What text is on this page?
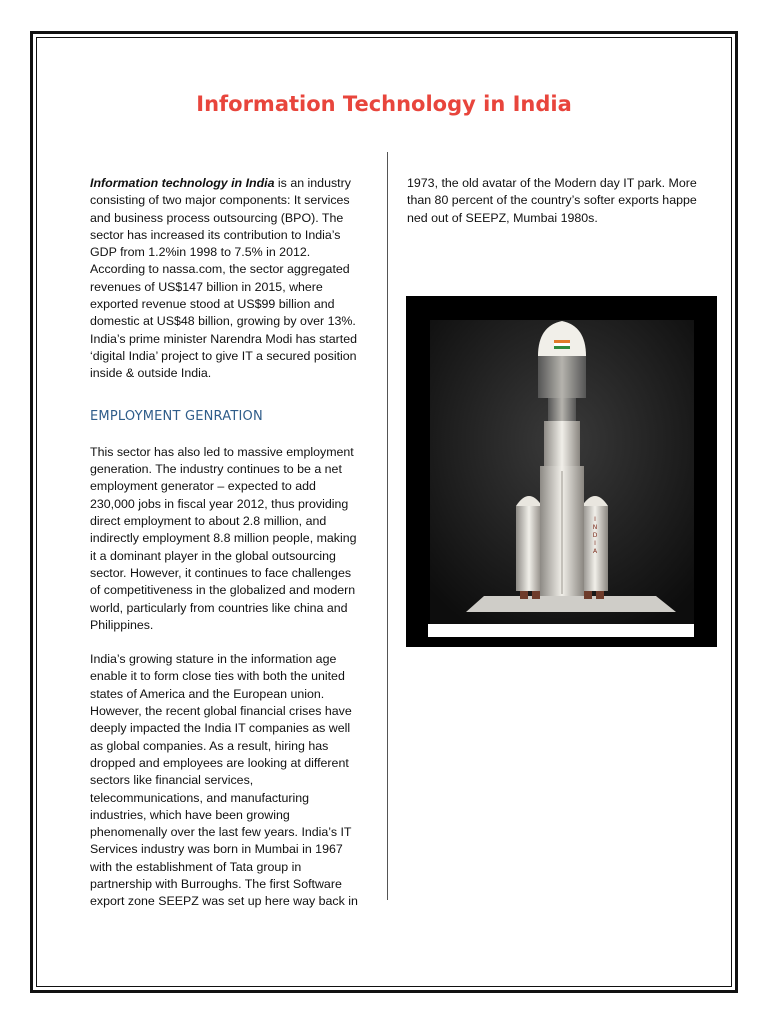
Information Technology in India

Information technology in India is an industry consisting of two major components: It services and business process outsourcing (BPO). The sector has increased its contribution to India’s GDP from 1.2%in 1998 to 7.5% in 2012. According to nassa.com, the sector aggregated revenues of US$147 billion in 2015, where exported revenue stood at US$99 billion and domestic at US$48 billion, growing by over 13%. India’s prime minister Narendra Modi has started ‘digital India’ project to give IT a secured position inside & outside India.

EMPLOYMENT GENRATION

This sector has also led to massive employment generation. The industry continues to be a net employment generator – expected to add 230,000 jobs in fiscal year 2012, thus providing direct employment to about 2.8 million, and indirectly employment 8.8 million people, making it a dominant player in the global outsourcing sector. However, it continues to face challenges of competitiveness in the globalized and modern world, particularly from countries like china and Philippines.

India’s growing stature in the information age enable it to form close ties with both the united states of America and the European union. However, the recent global financial crises have deeply impacted the India IT companies as well as global companies. As a result, hiring has dropped and employees are looking at different sectors like financial services, telecommunications, and manufacturing industries, which have been growing phenomenally over the last few years. India’s IT Services industry was born in Mumbai in 1967 with the establishment of Tata group in partnership with Burroughs. The first Software export zone SEEPZ was set up here way back in

1973, the old avatar of the Modern day IT park. More than 80 percent of the country’s softer exports happe ned out of SEEPZ, Mumbai 1980s.

I N D I A
